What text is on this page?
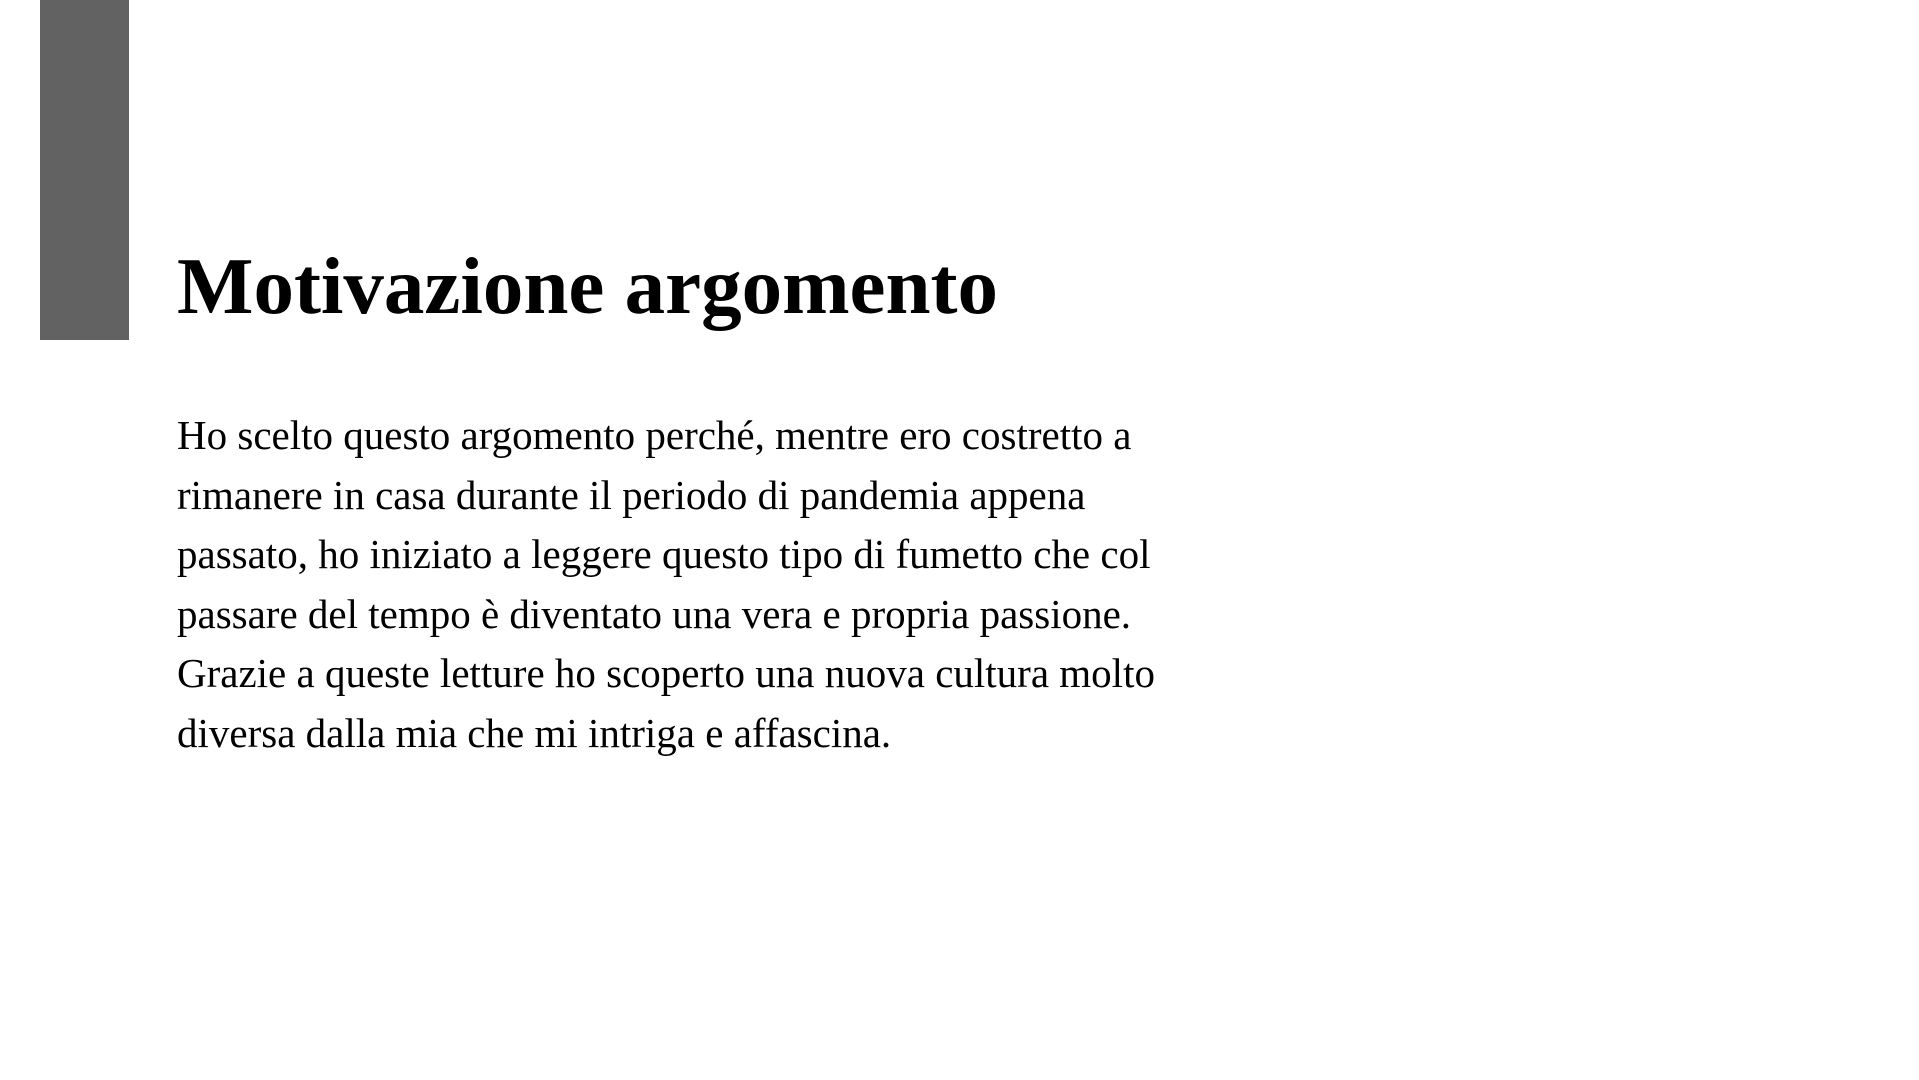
Motivazione argomento

Ho scelto questo argomento perché, mentre ero costretto a
rimanere in casa durante il periodo di pandemia appena
passato, ho iniziato a leggere questo tipo di fumetto che col
passare del tempo è diventato una vera e propria passione.
Grazie a queste letture ho scoperto una nuova cultura molto
diversa dalla mia che mi intriga e affascina.
